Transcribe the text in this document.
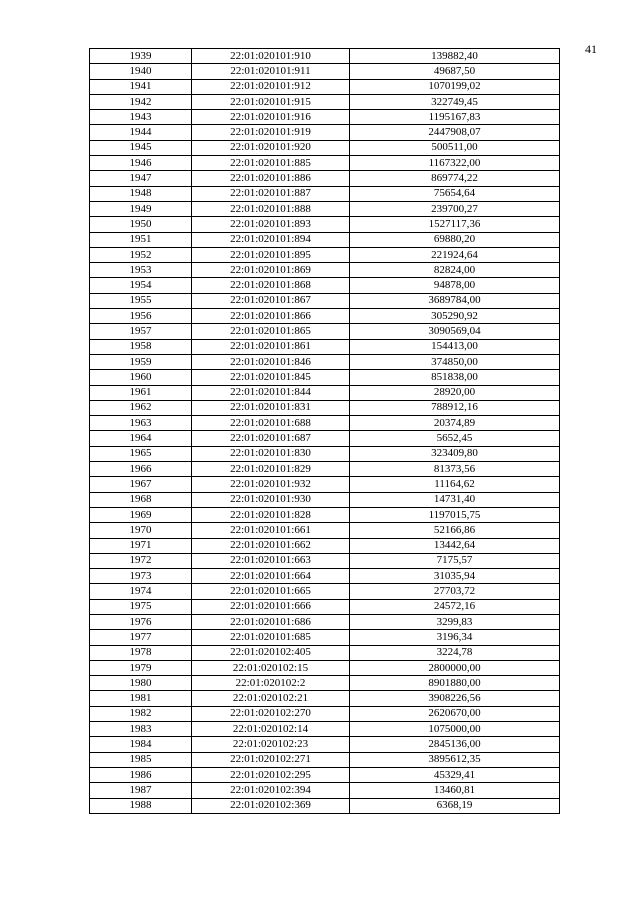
41
1939	22:01:020101:910	139882,40
1940	22:01:020101:911	49687,50
1941	22:01:020101:912	1070199,02
1942	22:01:020101:915	322749,45
1943	22:01:020101:916	1195167,83
1944	22:01:020101:919	2447908,07
1945	22:01:020101:920	500511,00
1946	22:01:020101:885	1167322,00
1947	22:01:020101:886	869774,22
1948	22:01:020101:887	75654,64
1949	22:01:020101:888	239700,27
1950	22:01:020101:893	1527117,36
1951	22:01:020101:894	69880,20
1952	22:01:020101:895	221924,64
1953	22:01:020101:869	82824,00
1954	22:01:020101:868	94878,00
1955	22:01:020101:867	3689784,00
1956	22:01:020101:866	305290,92
1957	22:01:020101:865	3090569,04
1958	22:01:020101:861	154413,00
1959	22:01:020101:846	374850,00
1960	22:01:020101:845	851838,00
1961	22:01:020101:844	28920,00
1962	22:01:020101:831	788912,16
1963	22:01:020101:688	20374,89
1964	22:01:020101:687	5652,45
1965	22:01:020101:830	323409,80
1966	22:01:020101:829	81373,56
1967	22:01:020101:932	11164,62
1968	22:01:020101:930	14731,40
1969	22:01:020101:828	1197015,75
1970	22:01:020101:661	52166,86
1971	22:01:020101:662	13442,64
1972	22:01:020101:663	7175,57
1973	22:01:020101:664	31035,94
1974	22:01:020101:665	27703,72
1975	22:01:020101:666	24572,16
1976	22:01:020101:686	3299,83
1977	22:01:020101:685	3196,34
1978	22:01:020102:405	3224,78
1979	22:01:020102:15	2800000,00
1980	22:01:020102:2	8901880,00
1981	22:01:020102:21	3908226,56
1982	22:01:020102:270	2620670,00
1983	22:01:020102:14	1075000,00
1984	22:01:020102:23	2845136,00
1985	22:01:020102:271	3895612,35
1986	22:01:020102:295	45329,41
1987	22:01:020102:394	13460,81
1988	22:01:020102:369	6368,19
